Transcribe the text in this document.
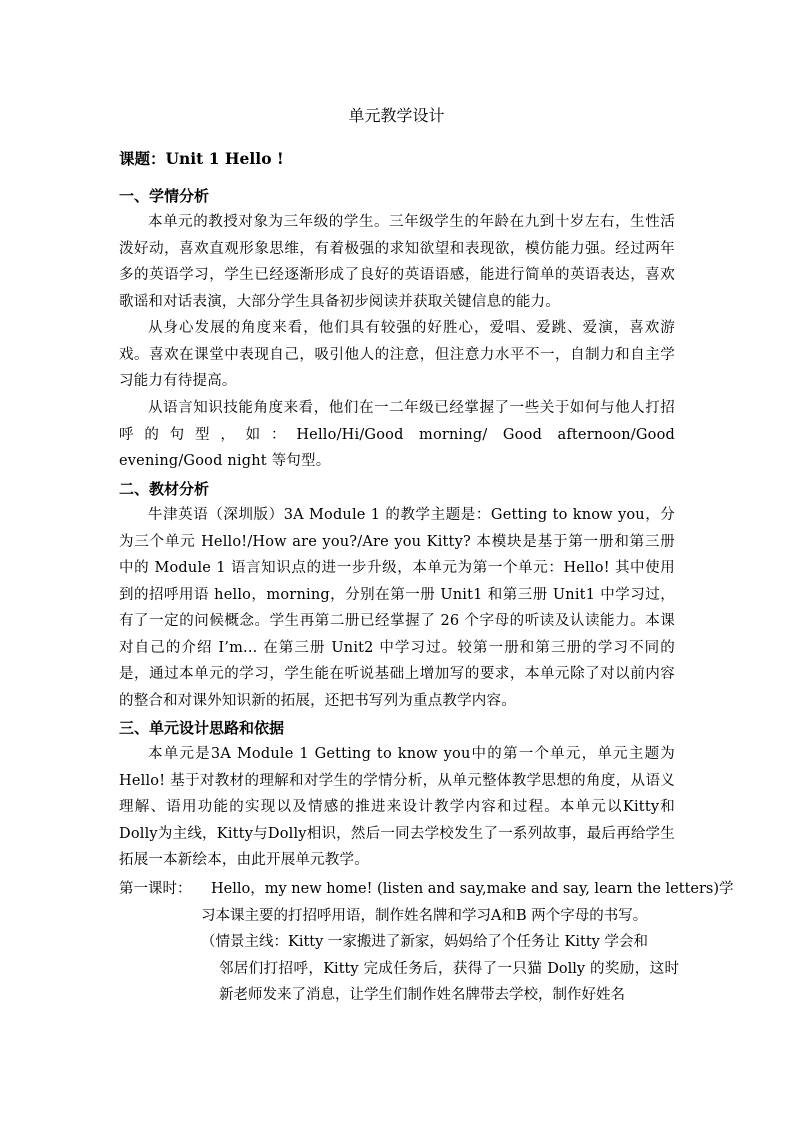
单元教学设计
课题：Unit 1 Hello !
一、学情分析

本单元的教授对象为三年级的学生。三年级学生的年龄在九到十岁左右，生性活泼好动，喜欢直观形象思维，有着极强的求知欲望和表现欲，模仿能力强。经过两年多的英语学习，学生已经逐渐形成了良好的英语语感，能进行简单的英语表达，喜欢歌谣和对话表演，大部分学生具备初步阅读并获取关键信息的能力。

从身心发展的角度来看，他们具有较强的好胜心，爱唱、爱跳、爱演，喜欢游戏。喜欢在课堂中表现自己，吸引他人的注意，但注意力水平不一，自制力和自主学习能力有待提高。

从语言知识技能角度来看，他们在一二年级已经掌握了一些关于如何与他人打招呼的句型，如：Hello/Hi/Good morning/ Good afternoon/Good evening/Good night 等句型。

二、教材分析

牛津英语（深圳版）3A Module 1 的教学主题是：Getting to know you，分为三个单元 Hello!/How are you?/Are you Kitty? 本模块是基于第一册和第三册中的 Module 1 语言知识点的进一步升级，本单元为第一个单元：Hello! 其中使用到的招呼用语 hello，morning，分别在第一册 Unit1 和第三册 Unit1 中学习过，有了一定的问候概念。学生再第二册已经掌握了 26 个字母的听读及认读能力。本课对自己的介绍 I’m... 在第三册 Unit2 中学习过。较第一册和第三册的学习不同的是，通过本单元的学习，学生能在听说基础上增加写的要求，本单元除了对以前内容的整合和对课外知识新的拓展，还把书写列为重点教学内容。

三、单元设计思路和依据

本单元是3A Module 1 Getting to know you中的第一个单元，单元主题为Hello! 基于对教材的理解和对学生的学情分析，从单元整体教学思想的角度，从语义理解、语用功能的实现以及情感的推进来设计教学内容和过程。本单元以Kitty和Dolly为主线，Kitty与Dolly相识，然后一同去学校发生了一系列故事，最后再给学生拓展一本新绘本，由此开展单元教学。

第一课时： Hello，my new home! (listen and say,make and say, learn the letters)学

习本课主要的打招呼用语，制作姓名牌和学习A和B 两个字母的书写。

（情景主线：Kitty 一家搬进了新家，妈妈给了个任务让 Kitty 学会和
邻居们打招呼，Kitty 完成任务后，获得了一只猫 Dolly 的奖励，这时新老师发来了消息，让学生们制作姓名牌带去学校，制作好姓名
